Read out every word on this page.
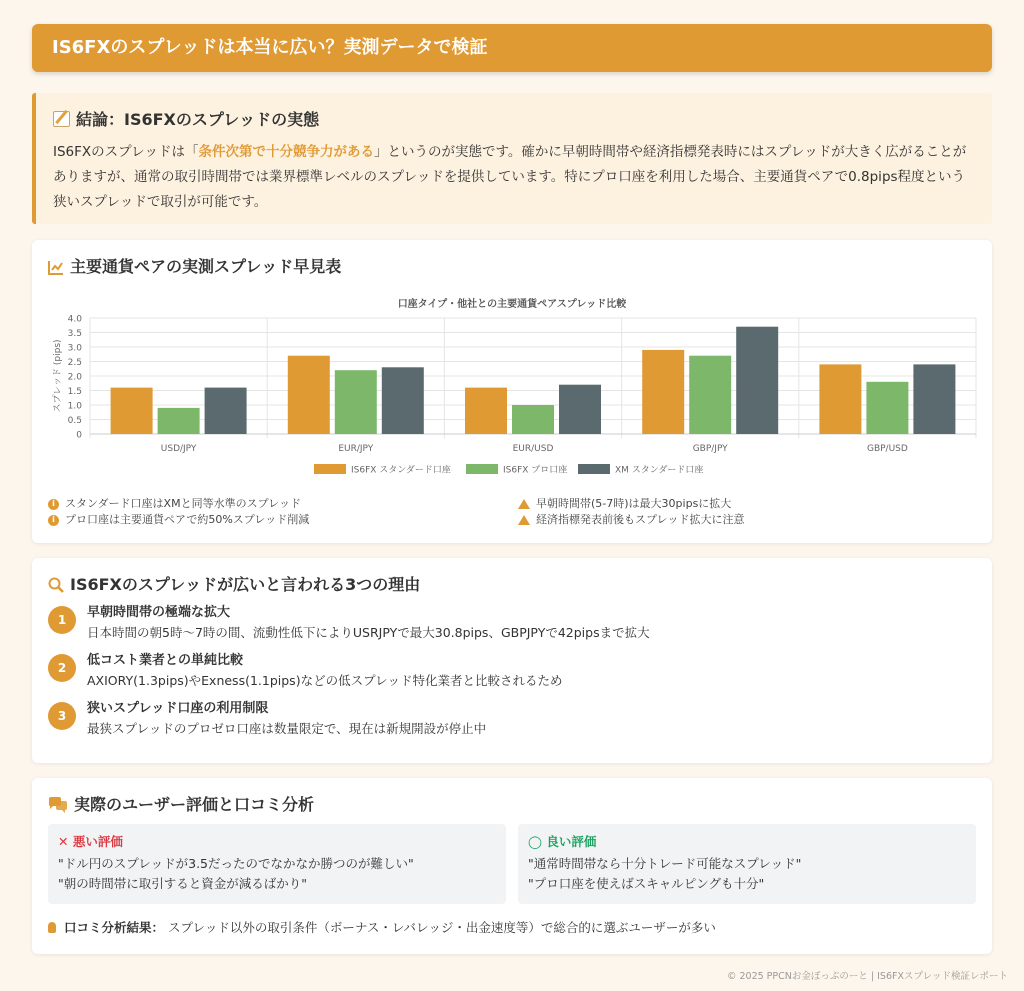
IS6FXのスプレッドは本当に広い？実測データで検証
結論：IS6FXのスプレッドの実態

IS6FXのスプレッドは「条件次第で十分競争力がある」というのが実態です。確かに早朝時間帯や経済指標発表時にはスプレッドが大きく広がることがありますが、通常の取引時間帯では業界標準レベルのスプレッドを提供しています。特にプロ口座を利用した場合、主要通貨ペアで0.8pips程度という狭いスプレッドで取引が可能です。

主要通貨ペアの実測スプレッド早見表
口座タイプ・他社との主要通貨ペアスプレッド比較
スプレッド (pips)
4.0
3.5
3.0
2.5
2.0
1.5
1.0
0.5
0
USD/JPY	EUR/JPY	EUR/USD	GBP/JPY	GBP/USD
IS6FX スタンダード口座	IS6FX プロ口座	XM スタンダード口座
i スタンダード口座はXMと同等水準のスプレッド
i プロ口座は主要通貨ペアで約50%スプレッド削減
早朝時間帯(5-7時)は最大30pipsに拡大
経済指標発表前後もスプレッド拡大に注意
IS6FXのスプレッドが広いと言われる3つの理由
1	早朝時間帯の極端な拡大
日本時間の朝5時〜7時の間、流動性低下によりUSRJPYで最大30.8pips、GBPJPYで42pipsまで拡大
2	低コスト業者との単純比較
AXIORY(1.3pips)やExness(1.1pips)などの低スプレッド特化業者と比較されるため
3	狭いスプレッド口座の利用制限
最狭スプレッドのプロゼロ口座は数量限定で、現在は新規開設が停止中
実際のユーザー評価と口コミ分析
✕ 悪い評価
"ドル円のスプレッドが3.5だったのでなかなか勝つのが難しい"
"朝の時間帯に取引すると資金が減るばかり"
◯ 良い評価
"通常時間帯なら十分トレード可能なスプレッド"
"プロ口座を使えばスキャルピングも十分"
口コミ分析結果： スプレッド以外の取引条件（ボーナス・レバレッジ・出金速度等）で総合的に選ぶユーザーが多い
© 2025 PPCNお金ぽっぷのーと | IS6FXスプレッド検証レポート
